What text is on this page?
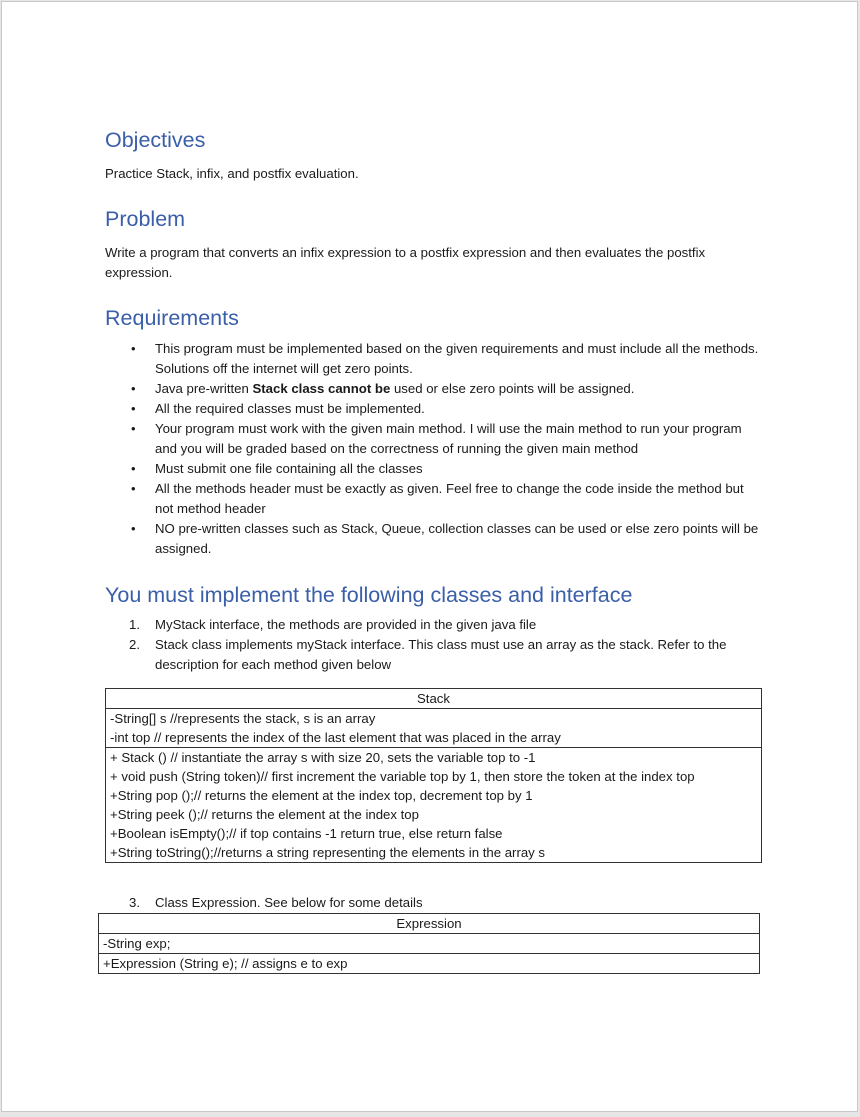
Objectives

Practice Stack, infix, and postfix evaluation.

Problem

Write a program that converts an infix expression to a postfix expression and then evaluates the postfix expression.

Requirements
• This program must be implemented based on the given requirements and must include all the methods. Solutions off the internet will get zero points.
• Java pre-written Stack class cannot be used or else zero points will be assigned.
• All the required classes must be implemented.
• Your program must work with the given main method. I will use the main method to run your program and you will be graded based on the correctness of running the given main method
• Must submit one file containing all the classes
• All the methods header must be exactly as given. Feel free to change the code inside the method but not method header
• NO pre-written classes such as Stack, Queue, collection classes can be used or else zero points will be assigned.
You must implement the following classes and interface
1. MyStack interface, the methods are provided in the given java file
2. Stack class implements myStack interface. This class must use an array as the stack. Refer to the description for each method given below
Stack

-String[] s //represents the stack, s is an array
-int top // represents the index of the last element that was placed in the array

+ Stack () // instantiate the array s with size 20, sets the variable top to -1
+ void push (String token)// first increment the variable top by 1, then store the token at the index top
+String pop ();// returns the element at the index top, decrement top by 1
+String peek ();// returns the element at the index top
+Boolean isEmpty();// if top contains -1 return true, else return false
+String toString();//returns a string representing the elements in the array s
3. Class Expression. See below for some details
Expression
-String exp;
+Expression (String e); // assigns e to exp
